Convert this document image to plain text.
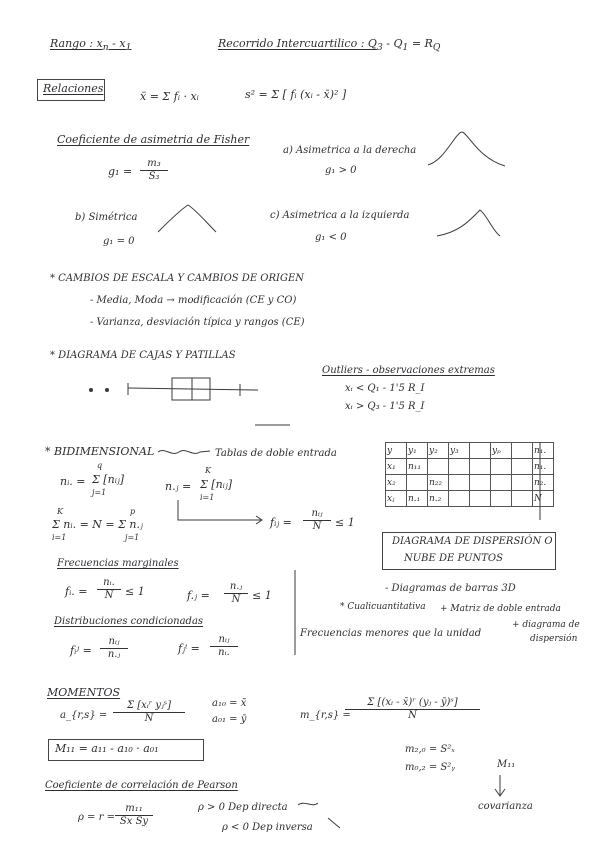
Rango : $x_n - x_1$	Recorrido Intercuartilico : $Q_3 - Q_1 = R_Q$
Relaciones
x̄ = Σ fᵢ · xᵢ	s² = Σ [ fᵢ (xᵢ - x̄)² ]
Coeficiente de asimetria de Fisher
$g_1 = \frac{\text{m₃}}{\text{S₃}}$
a) Asimetrica a la derecha
g₁ > 0
b) Simétrica
g₁ = 0
c) Asimetrica a la izquierda
g₁ < 0
* CAMBIOS DE ESCALA Y CAMBIOS DE ORIGEN
- Media, Moda → modificación (CE y CO)
- Varianza, desviación típica y rangos (CE)
* DIAGRAMA DE CAJAS Y PATILLAS
Outliers - observaciones extremas
xᵢ < Q₁ - 1'5 R_I
xᵢ > Q₃ - 1'5 R_I
* BIDIMENSIONAL	Tablas de doble entrada
nᵢ. =
q
Σ [nᵢⱼ]
j=1	n.ⱼ =
K
Σ [nᵢⱼ]
i=1
K
Σ nᵢ. = N = Σ n.ⱼ
i=1
p
j=1
fᵢⱼ =
nᵢⱼ
N	≤ 1
y	y₁	y₂	y₃		yₚ		n₁.
x₁	n₁₁						n₁.
x₂		n₂₂					n₂.
xⱼ	n.₁	n.₂					N
DIAGRAMA DE DISPERSIÓN O
NUBE DE PUNTOS
Frecuencias marginales
fᵢ. = $\frac{\text{nᵢ.}}{N} \le 1$	f.ⱼ = $\frac{\text{n.ⱼ}}{N} \le 1$
- Diagramas de barras 3D
* Cualicuantitativa + Matriz de doble entrada
+ diagrama de
dispersión
Distribuciones condicionadas
fᵢʲ =
nᵢⱼ
n.ⱼ	fⱼⁱ =
nᵢⱼ
nᵢ.
Frecuencias menores que la unidad
MOMENTOS
a_{r,s} =
Σ [xᵢʳ yⱼˢ]
N
a₁₀ = x̄
a₀₁ = ȳ	m_{r,s} =
$\frac{\text{Σ [(xᵢ - x̄)ʳ (yⱼ - ȳ)ˢ]}}{N}$
M₁₁ = a₁₁ - a₁₀ · a₀₁	m₂,₀ = S²ₓ
m₀,₂ = S²ᵧ	M₁₁
covarianza
Coeficiente de correlación de Pearson
$\rho = r = \frac{\text{m₁₁}}{\text{Sx Sy}}$	ρ > 0 Dep directa
ρ < 0 Dep inversa
